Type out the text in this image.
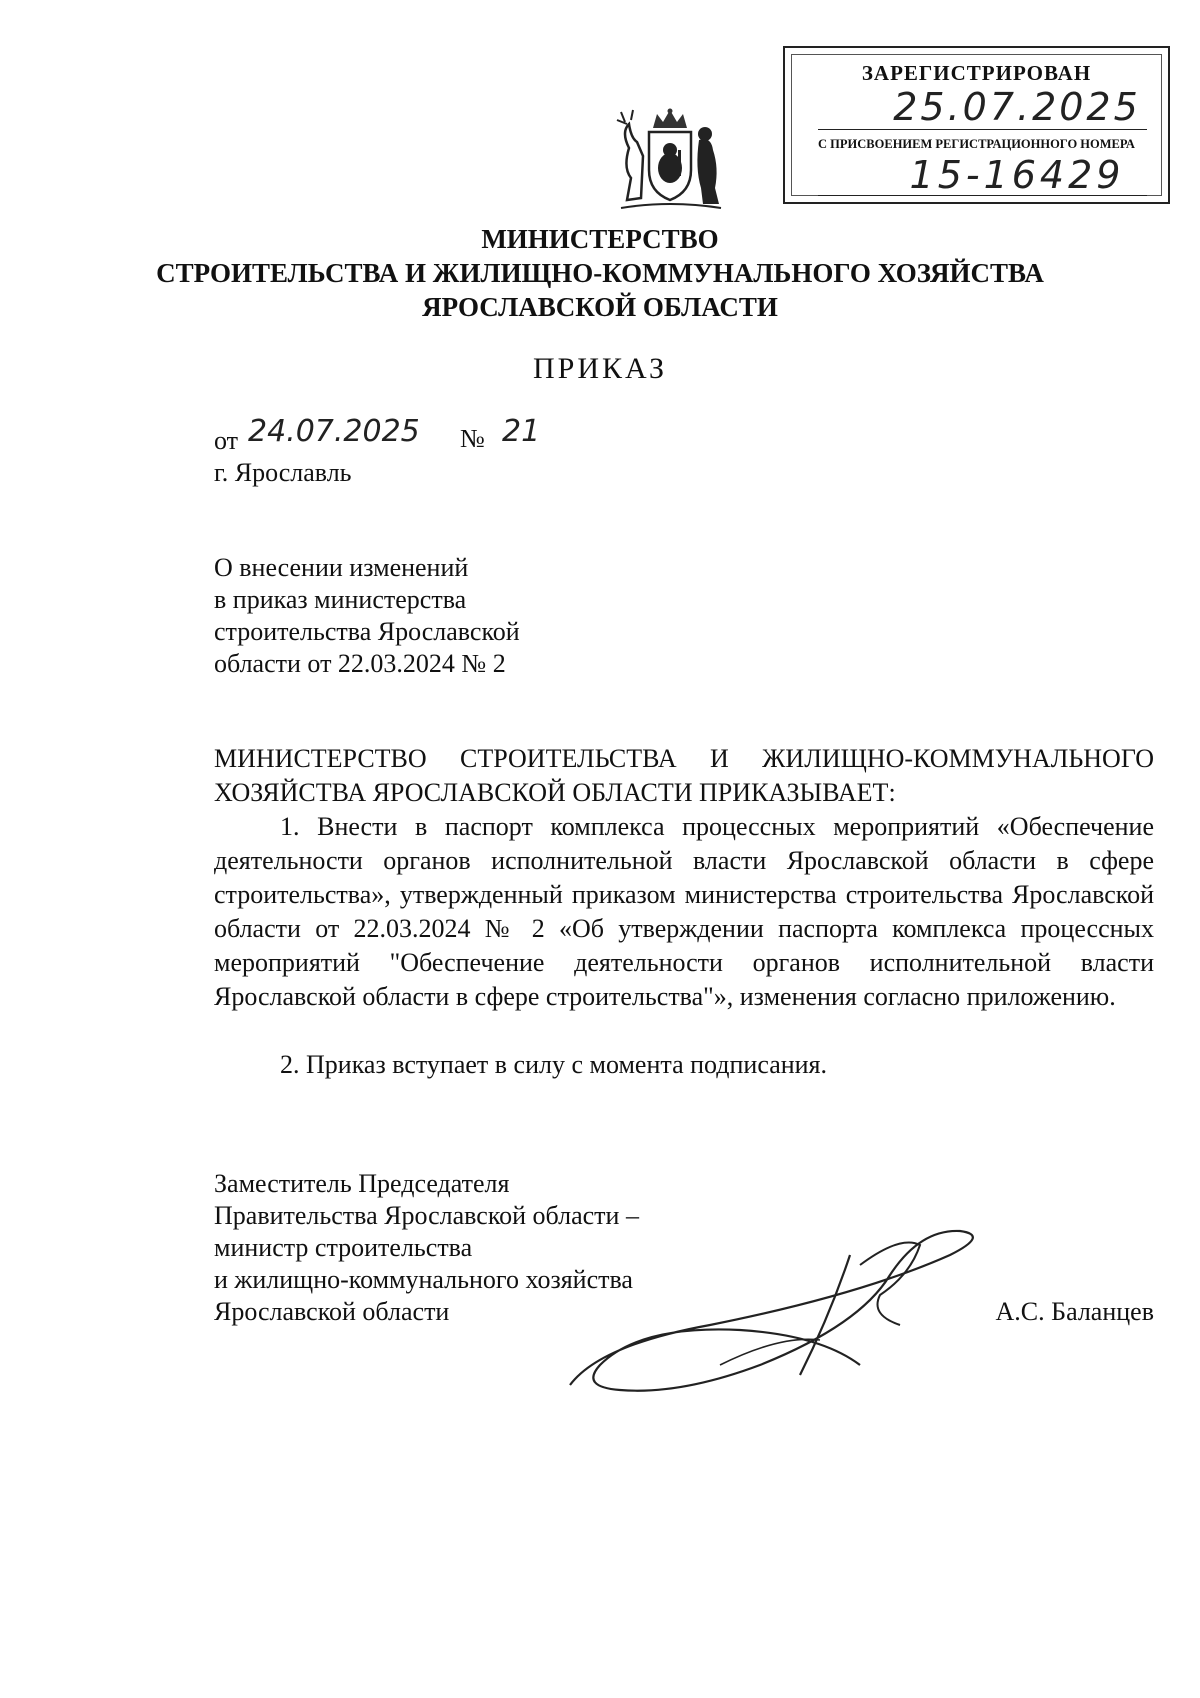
ЗАРЕГИСТРИРОВАН
25.07.2025
С ПРИСВОЕНИЕМ РЕГИСТРАЦИОННОГО НОМЕРА
15-16429
МИНИСТЕРСТВО
СТРОИТЕЛЬСТВА И ЖИЛИЩНО-КОММУНАЛЬНОГО ХОЗЯЙСТВА
ЯРОСЛАВСКОЙ ОБЛАСТИ
ПРИКАЗ
от 24.07.2025 № 21
г. Ярославль
О внесении изменений
в приказ министерства
строительства Ярославской
области от 22.03.2024 № 2
МИНИСТЕРСТВО СТРОИТЕЛЬСТВА И ЖИЛИЩНО-КОММУНАЛЬНОГО
ХОЗЯЙСТВА ЯРОСЛАВСКОЙ ОБЛАСТИ ПРИКАЗЫВАЕТ:
1. Внести в паспорт комплекса процессных мероприятий «Обеспечение деятельности органов исполнительной власти Ярославской области в сфере строительства», утвержденный приказом министерства строительства Ярославской области от 22.03.2024 № 2 «Об утверждении паспорта комплекса процессных мероприятий "Обеспечение деятельности органов исполнительной власти Ярославской области в сфере строительства"», изменения согласно приложению.
2. Приказ вступает в силу с момента подписания.
Заместитель Председателя
Правительства Ярославской области –
министр строительства
и жилищно-коммунального хозяйства
Ярославской области	А.С. Баланцев
